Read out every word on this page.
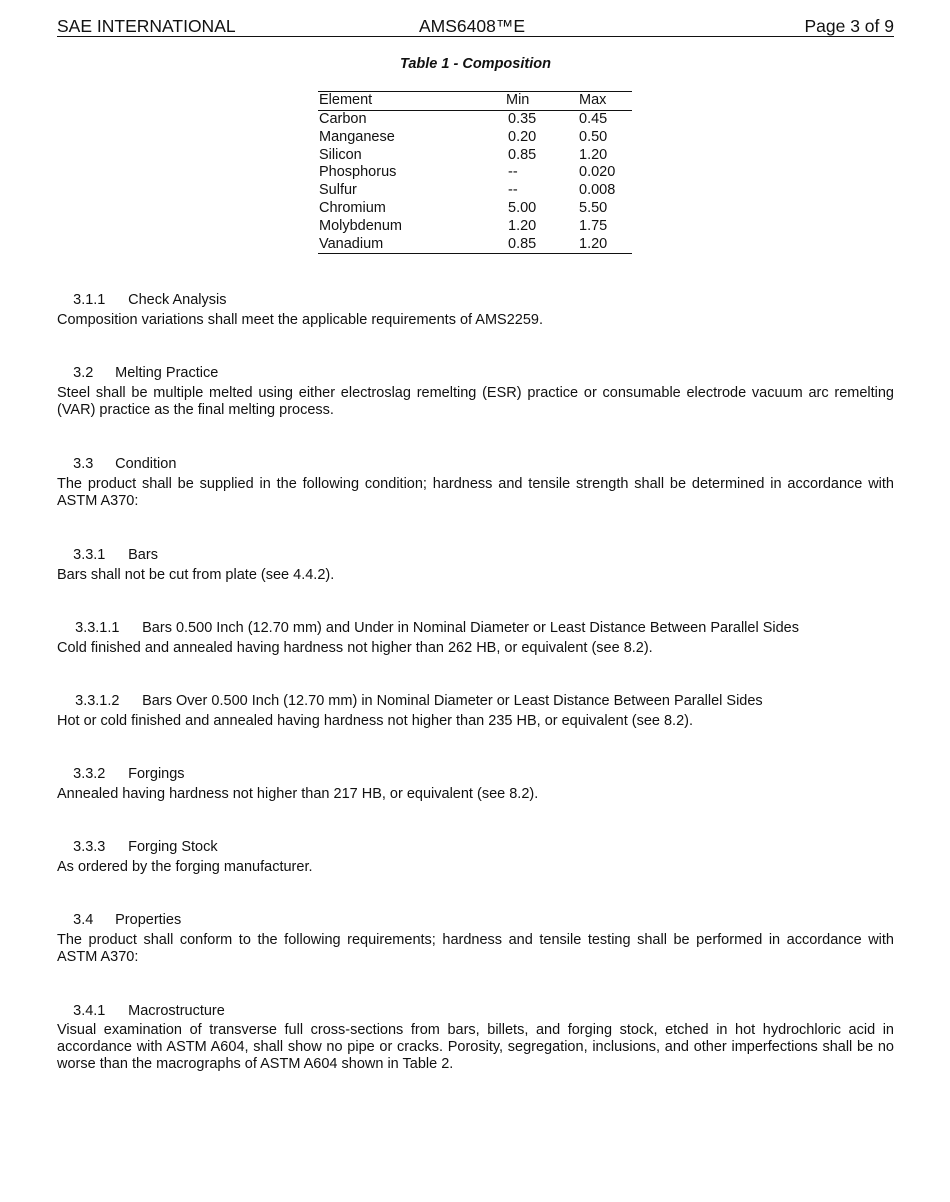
SAE INTERNATIONAL	AMS6408™E	Page 3 of 9
Table 1 - Composition
Element	Min	Max
Carbon	0.35	0.45
Manganese	0.20	0.50
Silicon	0.85	1.20
Phosphorus	--	0.020
Sulfur	--	0.008
Chromium	5.00	5.50
Molybdenum	1.20	1.75
Vanadium	0.85	1.20

3.1.1 Check Analysis

Composition variations shall meet the applicable requirements of AMS2259.

3.2 Melting Practice

Steel shall be multiple melted using either electroslag remelting (ESR) practice or consumable electrode vacuum arc remelting (VAR) practice as the final melting process.

3.3 Condition

The product shall be supplied in the following condition; hardness and tensile strength shall be determined in accordance with ASTM A370:

3.3.1 Bars

Bars shall not be cut from plate (see 4.4.2).

3.3.1.1 Bars 0.500 Inch (12.70 mm) and Under in Nominal Diameter or Least Distance Between Parallel Sides

Cold finished and annealed having hardness not higher than 262 HB, or equivalent (see 8.2).

3.3.1.2 Bars Over 0.500 Inch (12.70 mm) in Nominal Diameter or Least Distance Between Parallel Sides

Hot or cold finished and annealed having hardness not higher than 235 HB, or equivalent (see 8.2).

3.3.2 Forgings

Annealed having hardness not higher than 217 HB, or equivalent (see 8.2).

3.3.3 Forging Stock

As ordered by the forging manufacturer.

3.4 Properties

The product shall conform to the following requirements; hardness and tensile testing shall be performed in accordance with ASTM A370:

3.4.1 Macrostructure

Visual examination of transverse full cross-sections from bars, billets, and forging stock, etched in hot hydrochloric acid in accordance with ASTM A604, shall show no pipe or cracks. Porosity, segregation, inclusions, and other imperfections shall be no worse than the macrographs of ASTM A604 shown in Table 2.
